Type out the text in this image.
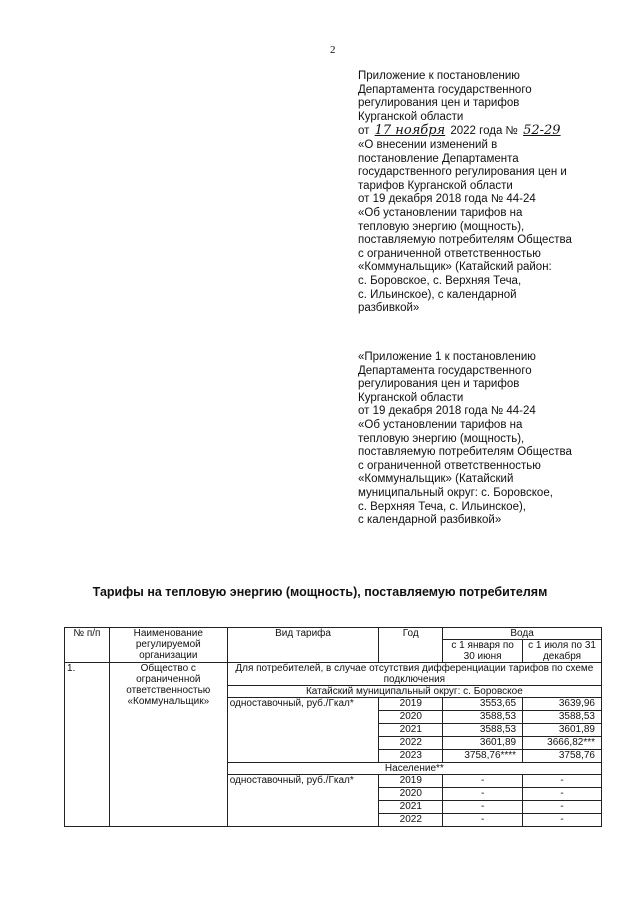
2
Приложение к постановлению
Департамента государственного
регулирования цен и тарифов
Курганской области
от 17 ноября 2022 года № 52-29
«О внесении изменений в
постановление Департамента
государственного регулирования цен и
тарифов Курганской области
от 19 декабря 2018 года № 44-24
«Об установлении тарифов на
тепловую энергию (мощность),
поставляемую потребителям Общества
с ограниченной ответственностью
«Коммунальщик» (Катайский район:
с. Боровское, с. Верхняя Теча,
с. Ильинское), с календарной
разбивкой»
«Приложение 1 к постановлению
Департамента государственного
регулирования цен и тарифов
Курганской области
от 19 декабря 2018 года № 44-24
«Об установлении тарифов на
тепловую энергию (мощность),
поставляемую потребителям Общества
с ограниченной ответственностью
«Коммунальщик» (Катайский
муниципальный округ: с. Боровское,
с. Верхняя Теча, с. Ильинское),
с календарной разбивкой»
Тарифы на тепловую энергию (мощность), поставляемую потребителям
№ п/п	Наименование регулируемой организации	Вид тарифа	Год	Вода	
				с 1 января по 30 июня	с 1 июля по 31 декабря
1.	Общество с ограниченной ответственностью «Коммунальщик»	Для потребителей, в случае отсутствия дифференциации тарифов по схеме подключения			
		Катайский муниципальный округ: с. Боровское			
		одноставочный, руб./Гкал*	2019	3553,65	3639,96
			2020	3588,53	3588,53
			2021	3588,53	3601,89
			2022	3601,89	3666,82***
			2023	3758,76****	3758,76
		Население**			
		одноставочный, руб./Гкал*	2019	-	-
			2020	-	-
			2021	-	-
			2022	-	-
